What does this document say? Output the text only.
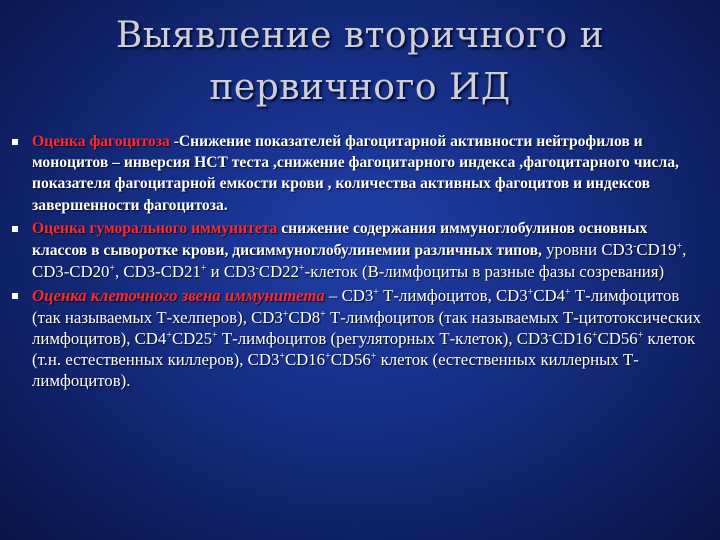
Выявление вторичного и
первичного ИД
Оценка фагоцитоза -Снижение показателей фагоцитарной активности нейтрофилов и моноцитов – инверсия НСТ теста ,снижение фагоцитарного индекса ,фагоцитарного числа, показателя фагоцитарной емкости крови , количества активных фагоцитов и индексов завершенности фагоцитоза.
Оценка гуморального иммунитета снижение содержания иммуноглобулинов основных классов в сыворотке крови, дисиммуноглобулинемии различных типов, уровни CD3-CD19+, CD3-CD20+, CD3-CD21+ и CD3-CD22+-клеток (В-лимфоциты в разные фазы созревания)
Оценка клеточного звена иммунитета – CD3+ Т-лимфоцитов, CD3+CD4+ Т-лимфоцитов (так называемых Т-хелперов), CD3+CD8+ Т-лимфоцитов (так называемых Т-цитотоксических лимфоцитов), CD4+CD25+ Т-лимфоцитов (регуляторных Т-клеток), CD3-CD16+CD56+ клеток (т.н. естественных киллеров), CD3+CD16+CD56+ клеток (естественных киллерных Т-лимфоцитов).
